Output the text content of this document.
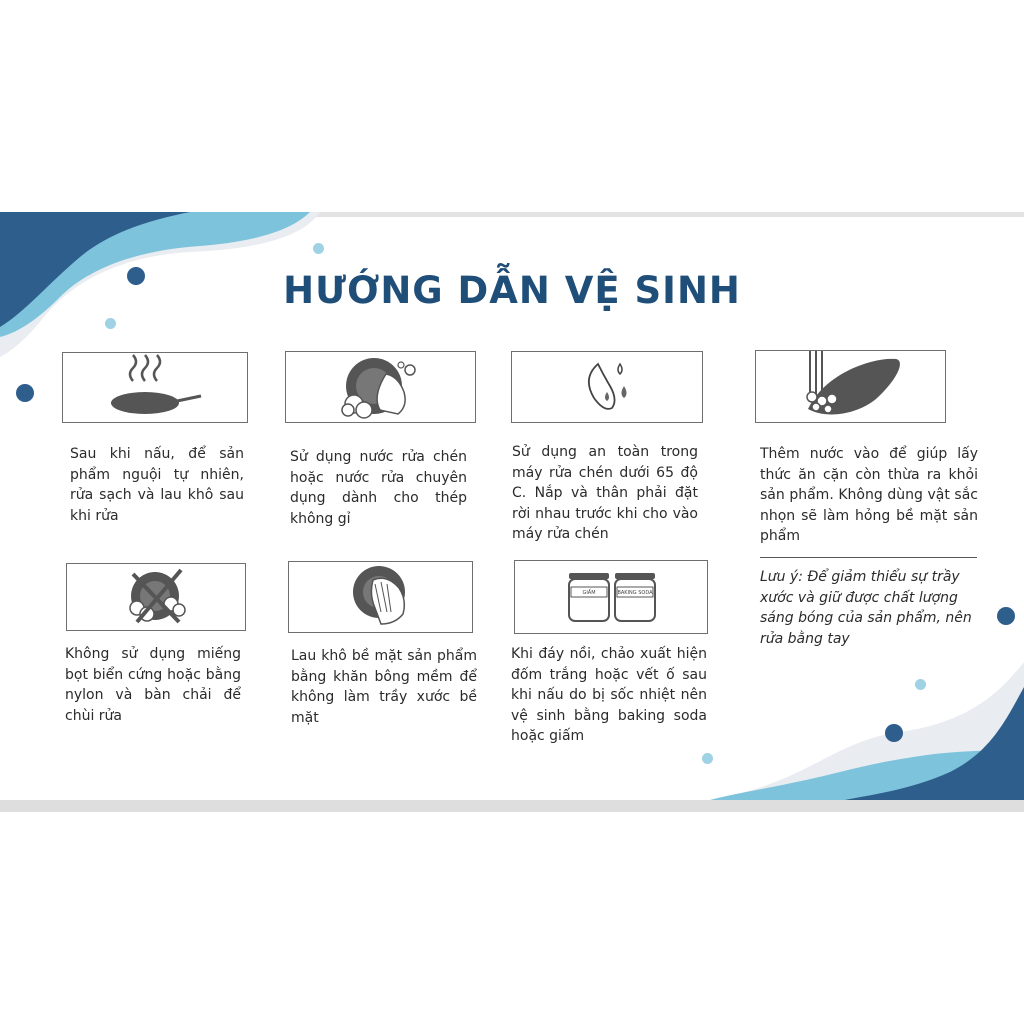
HƯỚNG DẪN VỆ SINH
Sau khi nấu, để sản phẩm nguội tự nhiên, rửa sạch và lau khô sau khi rửa
Sử dụng nước rửa chén hoặc nước rửa chuyên dụng dành cho thép không gỉ
Sử dụng an toàn trong máy rửa chén dưới 65 độ C. Nắp và thân phải đặt rời nhau trước khi cho vào máy rửa chén
Thêm nước vào để giúp lấy thức ăn cặn còn thừa ra khỏi sản phẩm. Không dùng vật sắc nhọn sẽ làm hỏng bề mặt sản phẩm
Lưu ý: Để giảm thiểu sự trầy xước và giữ được chất lượng sáng bóng của sản phẩm, nên rửa bằng tay
GIẤM	BAKING SODA
Không sử dụng miếng bọt biển cứng hoặc bằng nylon và bàn chải để chùi rửa
Lau khô bề mặt sản phẩm bằng khăn bông mềm để không làm trầy xước bề mặt
Khi đáy nồi, chảo xuất hiện đốm trắng hoặc vết ố sau khi nấu do bị sốc nhiệt nên vệ sinh bằng baking soda hoặc giấm
